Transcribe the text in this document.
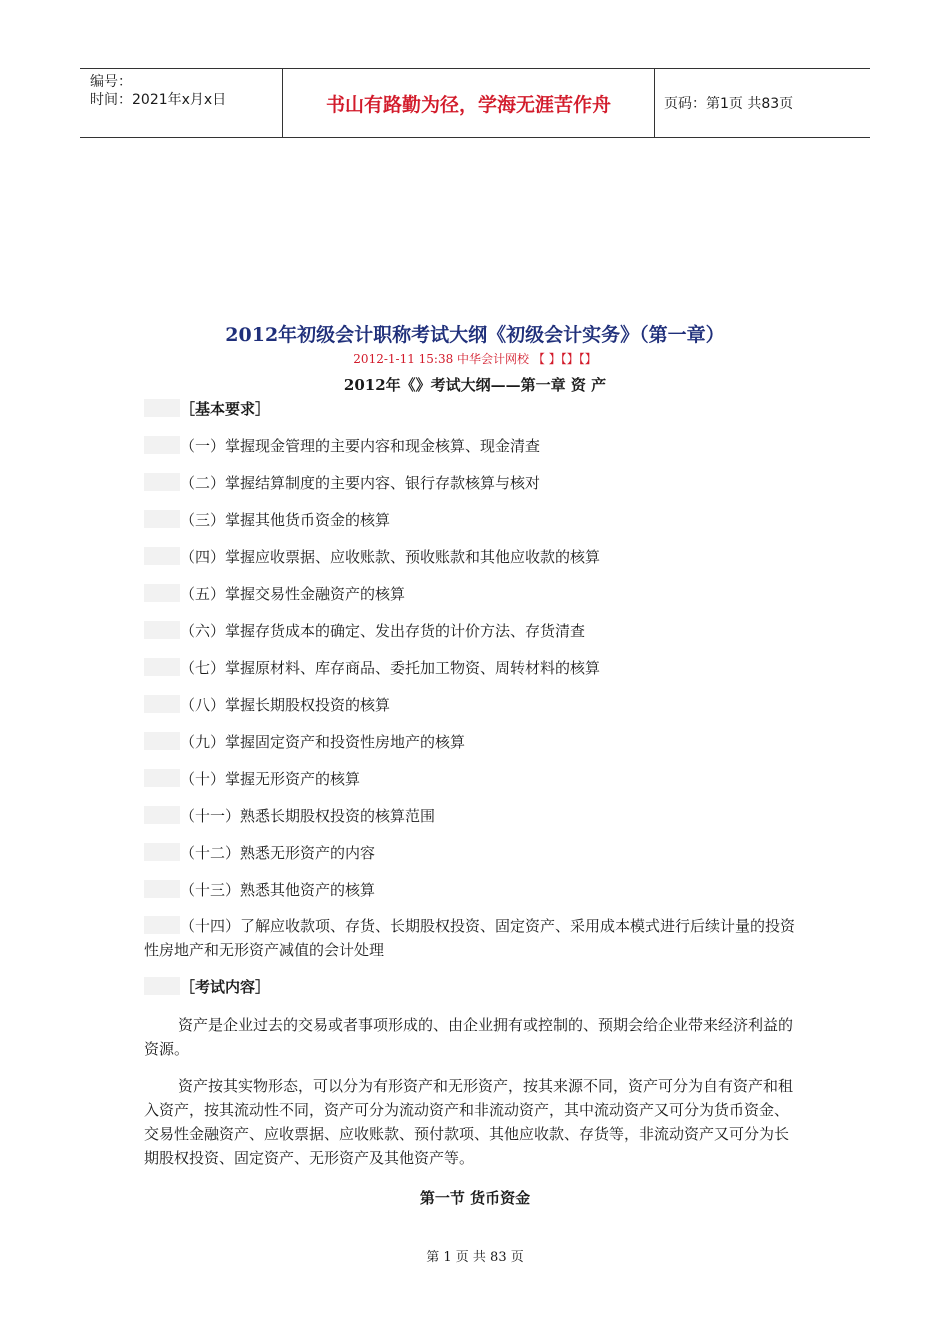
编号：
时间：2021年x月x日	书山有路勤为径，学海无涯苦作舟	页码：第1页 共83页
2012年初级会计职称考试大纲《初级会计实务》（第一章）
2012-1-11 15:38 中华会计网校 【 】【】【】
2012年《》考试大纲——第一章 资 产
［基本要求］
（一）掌握现金管理的主要内容和现金核算、现金清查
（二）掌握结算制度的主要内容、银行存款核算与核对
（三）掌握其他货币资金的核算
（四）掌握应收票据、应收账款、预收账款和其他应收款的核算
（五）掌握交易性金融资产的核算
（六）掌握存货成本的确定、发出存货的计价方法、存货清查
（七）掌握原材料、库存商品、委托加工物资、周转材料的核算
（八）掌握长期股权投资的核算
（九）掌握固定资产和投资性房地产的核算
（十）掌握无形资产的核算
（十一）熟悉长期股权投资的核算范围
（十二）熟悉无形资产的内容
（十三）熟悉其他资产的核算
（十四）了解应收款项、存货、长期股权投资、固定资产、采用成本模式进行后续计量的投资性房地产和无形资产减值的会计处理
［考试内容］
资产是企业过去的交易或者事项形成的、由企业拥有或控制的、预期会给企业带来经济利益的资源。
资产按其实物形态，可以分为有形资产和无形资产，按其来源不同，资产可分为自有资产和租入资产，按其流动性不同，资产可分为流动资产和非流动资产，其中流动资产又可分为货币资金、交易性金融资产、应收票据、应收账款、预付款项、其他应收款、存货等，非流动资产又可分为长期股权投资、固定资产、无形资产及其他资产等。
第一节 货币资金
第 1 页 共 83 页
